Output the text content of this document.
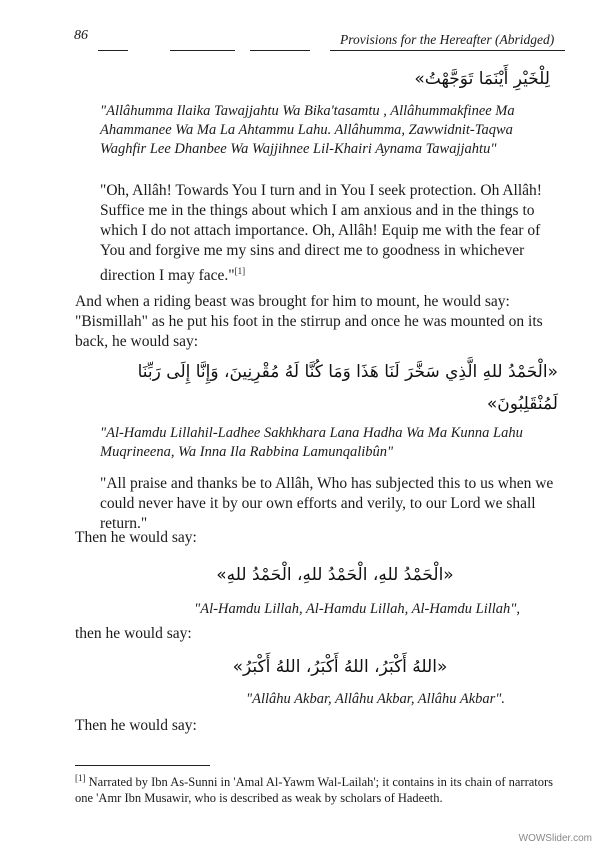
86	Provisions for the Hereafter (Abridged)
لِلْخَيْرِ أَيْنَمَا تَوَجَّهْتُ»
"Allâhumma Ilaika Tawajjahtu Wa Bika'tasamtu , Allâhummakfinee Ma Ahammanee Wa Ma La Ahtammu Lahu. Allâhumma, Zawwidnit-Taqwa Waghfir Lee Dhanbee Wa Wajjihnee Lil-Khairi Aynama Tawajjahtu"
"Oh, Allâh! Towards You I turn and in You I seek protection. Oh Allâh! Suffice me in the things about which I am anxious and in the things to which I do not attach importance. Oh, Allâh! Equip me with the fear of You and forgive me my sins and direct me to goodness in whichever direction I may face."[1]
And when a riding beast was brought for him to mount, he would say: "Bismillah" as he put his foot in the stirrup and once he was mounted on its back, he would say:
«الْحَمْدُ للهِ الَّذِي سَخَّرَ لَنَا هَذَا وَمَا كُنَّا لَهُ مُقْرِنِينَ، وَإِنَّا إِلَى رَبِّنَا لَمُنْقَلِبُونَ»
"Al-Hamdu Lillahil-Ladhee Sakhkhara Lana Hadha Wa Ma Kunna Lahu Muqrineena, Wa Inna Ila Rabbina Lamunqalibûn"
"All praise and thanks be to Allâh, Who has subjected this to us when we could never have it by our own efforts and verily, to our Lord we shall return."
Then he would say:
«الْحَمْدُ للهِ، الْحَمْدُ للهِ، الْحَمْدُ للهِ»
"Al-Hamdu Lillah, Al-Hamdu Lillah, Al-Hamdu Lillah",
then he would say:
«اللهُ أَكْبَرُ، اللهُ أَكْبَرُ، اللهُ أَكْبَرُ»
"Allâhu Akbar, Allâhu Akbar, Allâhu Akbar".
Then he would say:
[1] Narrated by Ibn As-Sunni in 'Amal Al-Yawm Wal-Lailah'; it contains in its chain of narrators one 'Amr Ibn Musawir, who is described as weak by scholars of Hadeeth.
WOWSlider.com
